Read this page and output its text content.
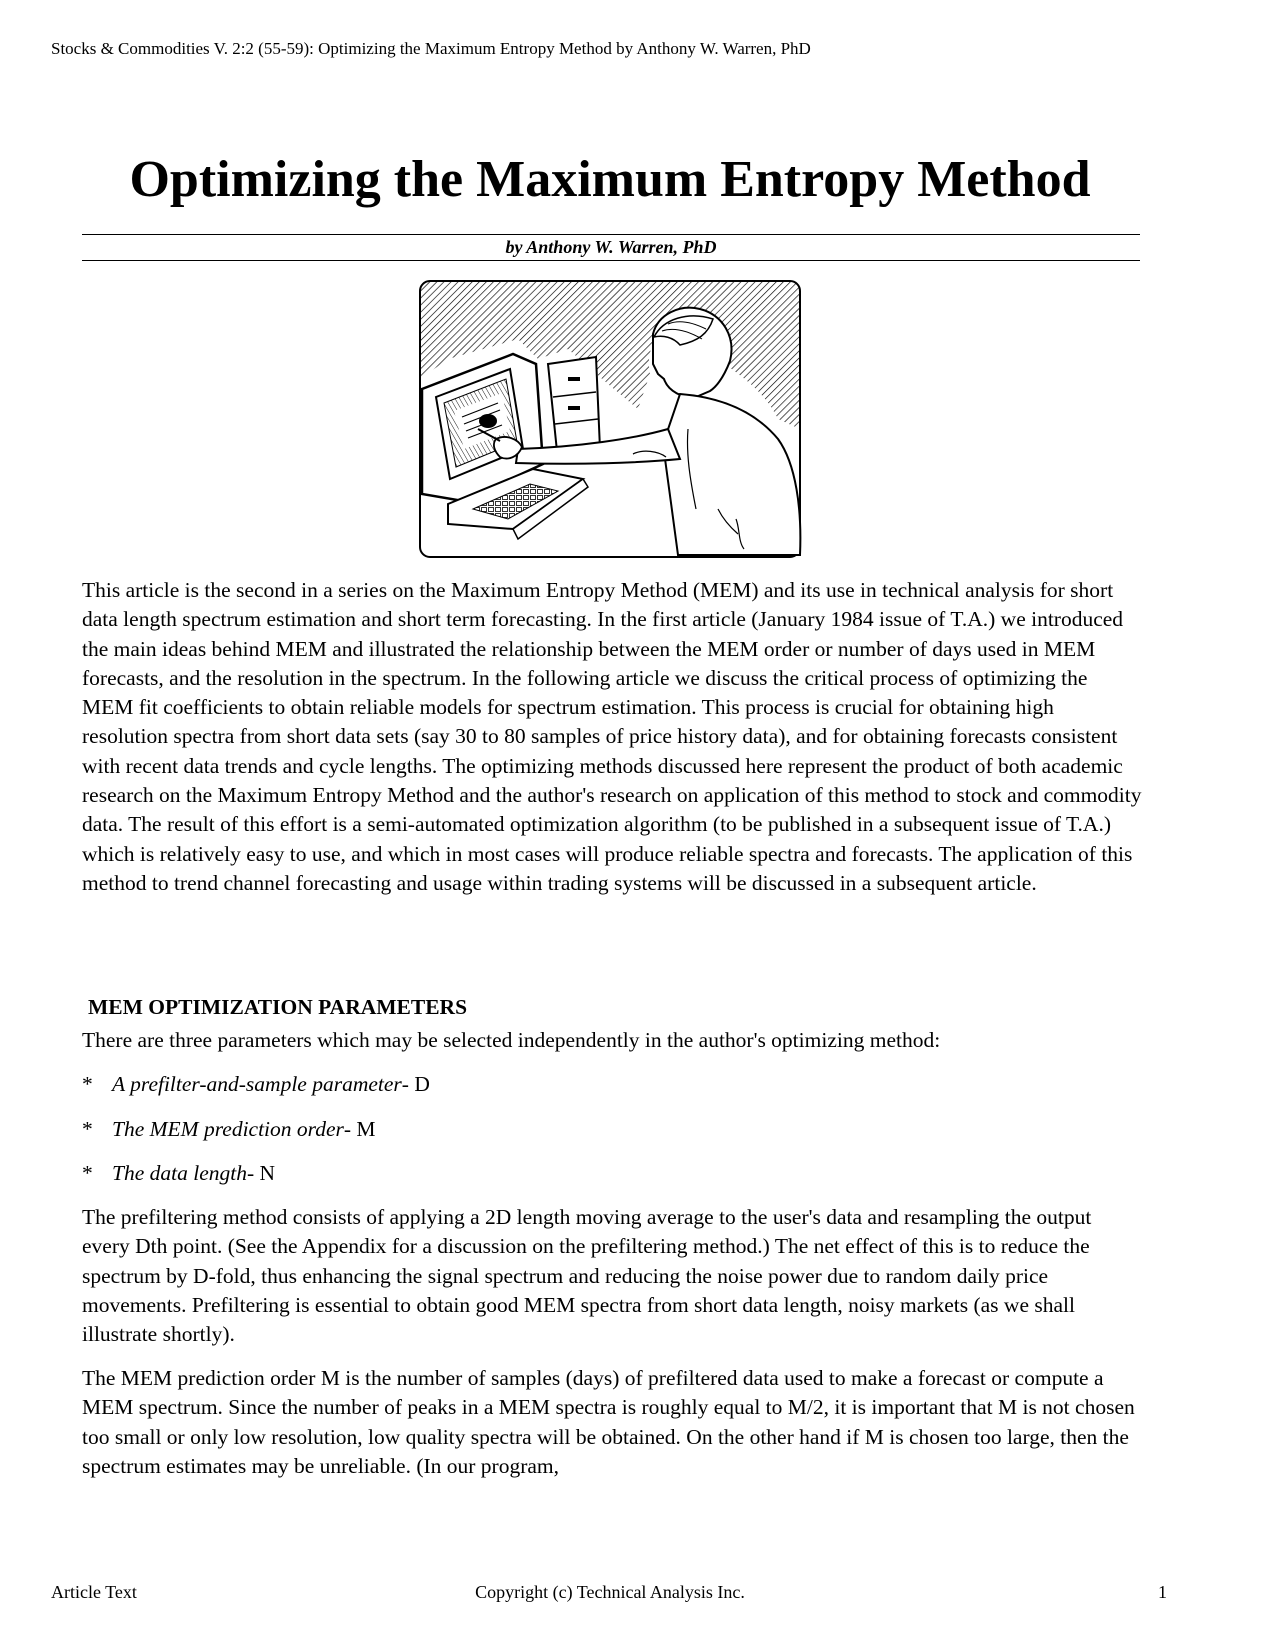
Stocks & Commodities V. 2:2 (55-59): Optimizing the Maximum Entropy Method by Anthony W. Warren, PhD
Optimizing the Maximum Entropy Method
by Anthony W. Warren, PhD

This article is the second in a series on the Maximum Entropy Method (MEM) and its use in technical analysis for short data length spectrum estimation and short term forecasting. In the first article (January 1984 issue of T.A.) we introduced the main ideas behind MEM and illustrated the relationship between the MEM order or number of days used in MEM forecasts, and the resolution in the spectrum. In the following article we discuss the critical process of optimizing the MEM fit coefficients to obtain reliable models for spectrum estimation. This process is crucial for obtaining high resolution spectra from short data sets (say 30 to 80 samples of price history data), and for obtaining forecasts consistent with recent data trends and cycle lengths. The optimizing methods discussed here represent the product of both academic research on the Maximum Entropy Method and the author's research on application of this method to stock and commodity data. The result of this effort is a semi-automated optimization algorithm (to be published in a subsequent issue of T.A.) which is relatively easy to use, and which in most cases will produce reliable spectra and forecasts. The application of this method to trend channel forecasting and usage within trading systems will be discussed in a subsequent article.

MEM OPTIMIZATION PARAMETERS

There are three parameters which may be selected independently in the author's optimizing method:

* A prefilter-and-sample parameter- D
* The MEM prediction order- M
* The data length- N

The prefiltering method consists of applying a 2D length moving average to the user's data and resampling the output every Dth point. (See the Appendix for a discussion on the prefiltering method.) The net effect of this is to reduce the spectrum by D-fold, thus enhancing the signal spectrum and reducing the noise power due to random daily price movements. Prefiltering is essential to obtain good MEM spectra from short data length, noisy markets (as we shall illustrate shortly).

The MEM prediction order M is the number of samples (days) of prefiltered data used to make a forecast or compute a MEM spectrum. Since the number of peaks in a MEM spectra is roughly equal to M/2, it is important that M is not chosen too small or only low resolution, low quality spectra will be obtained. On the other hand if M is chosen too large, then the spectrum estimates may be unreliable. (In our program,

Article Text	Copyright (c) Technical Analysis Inc.	1
